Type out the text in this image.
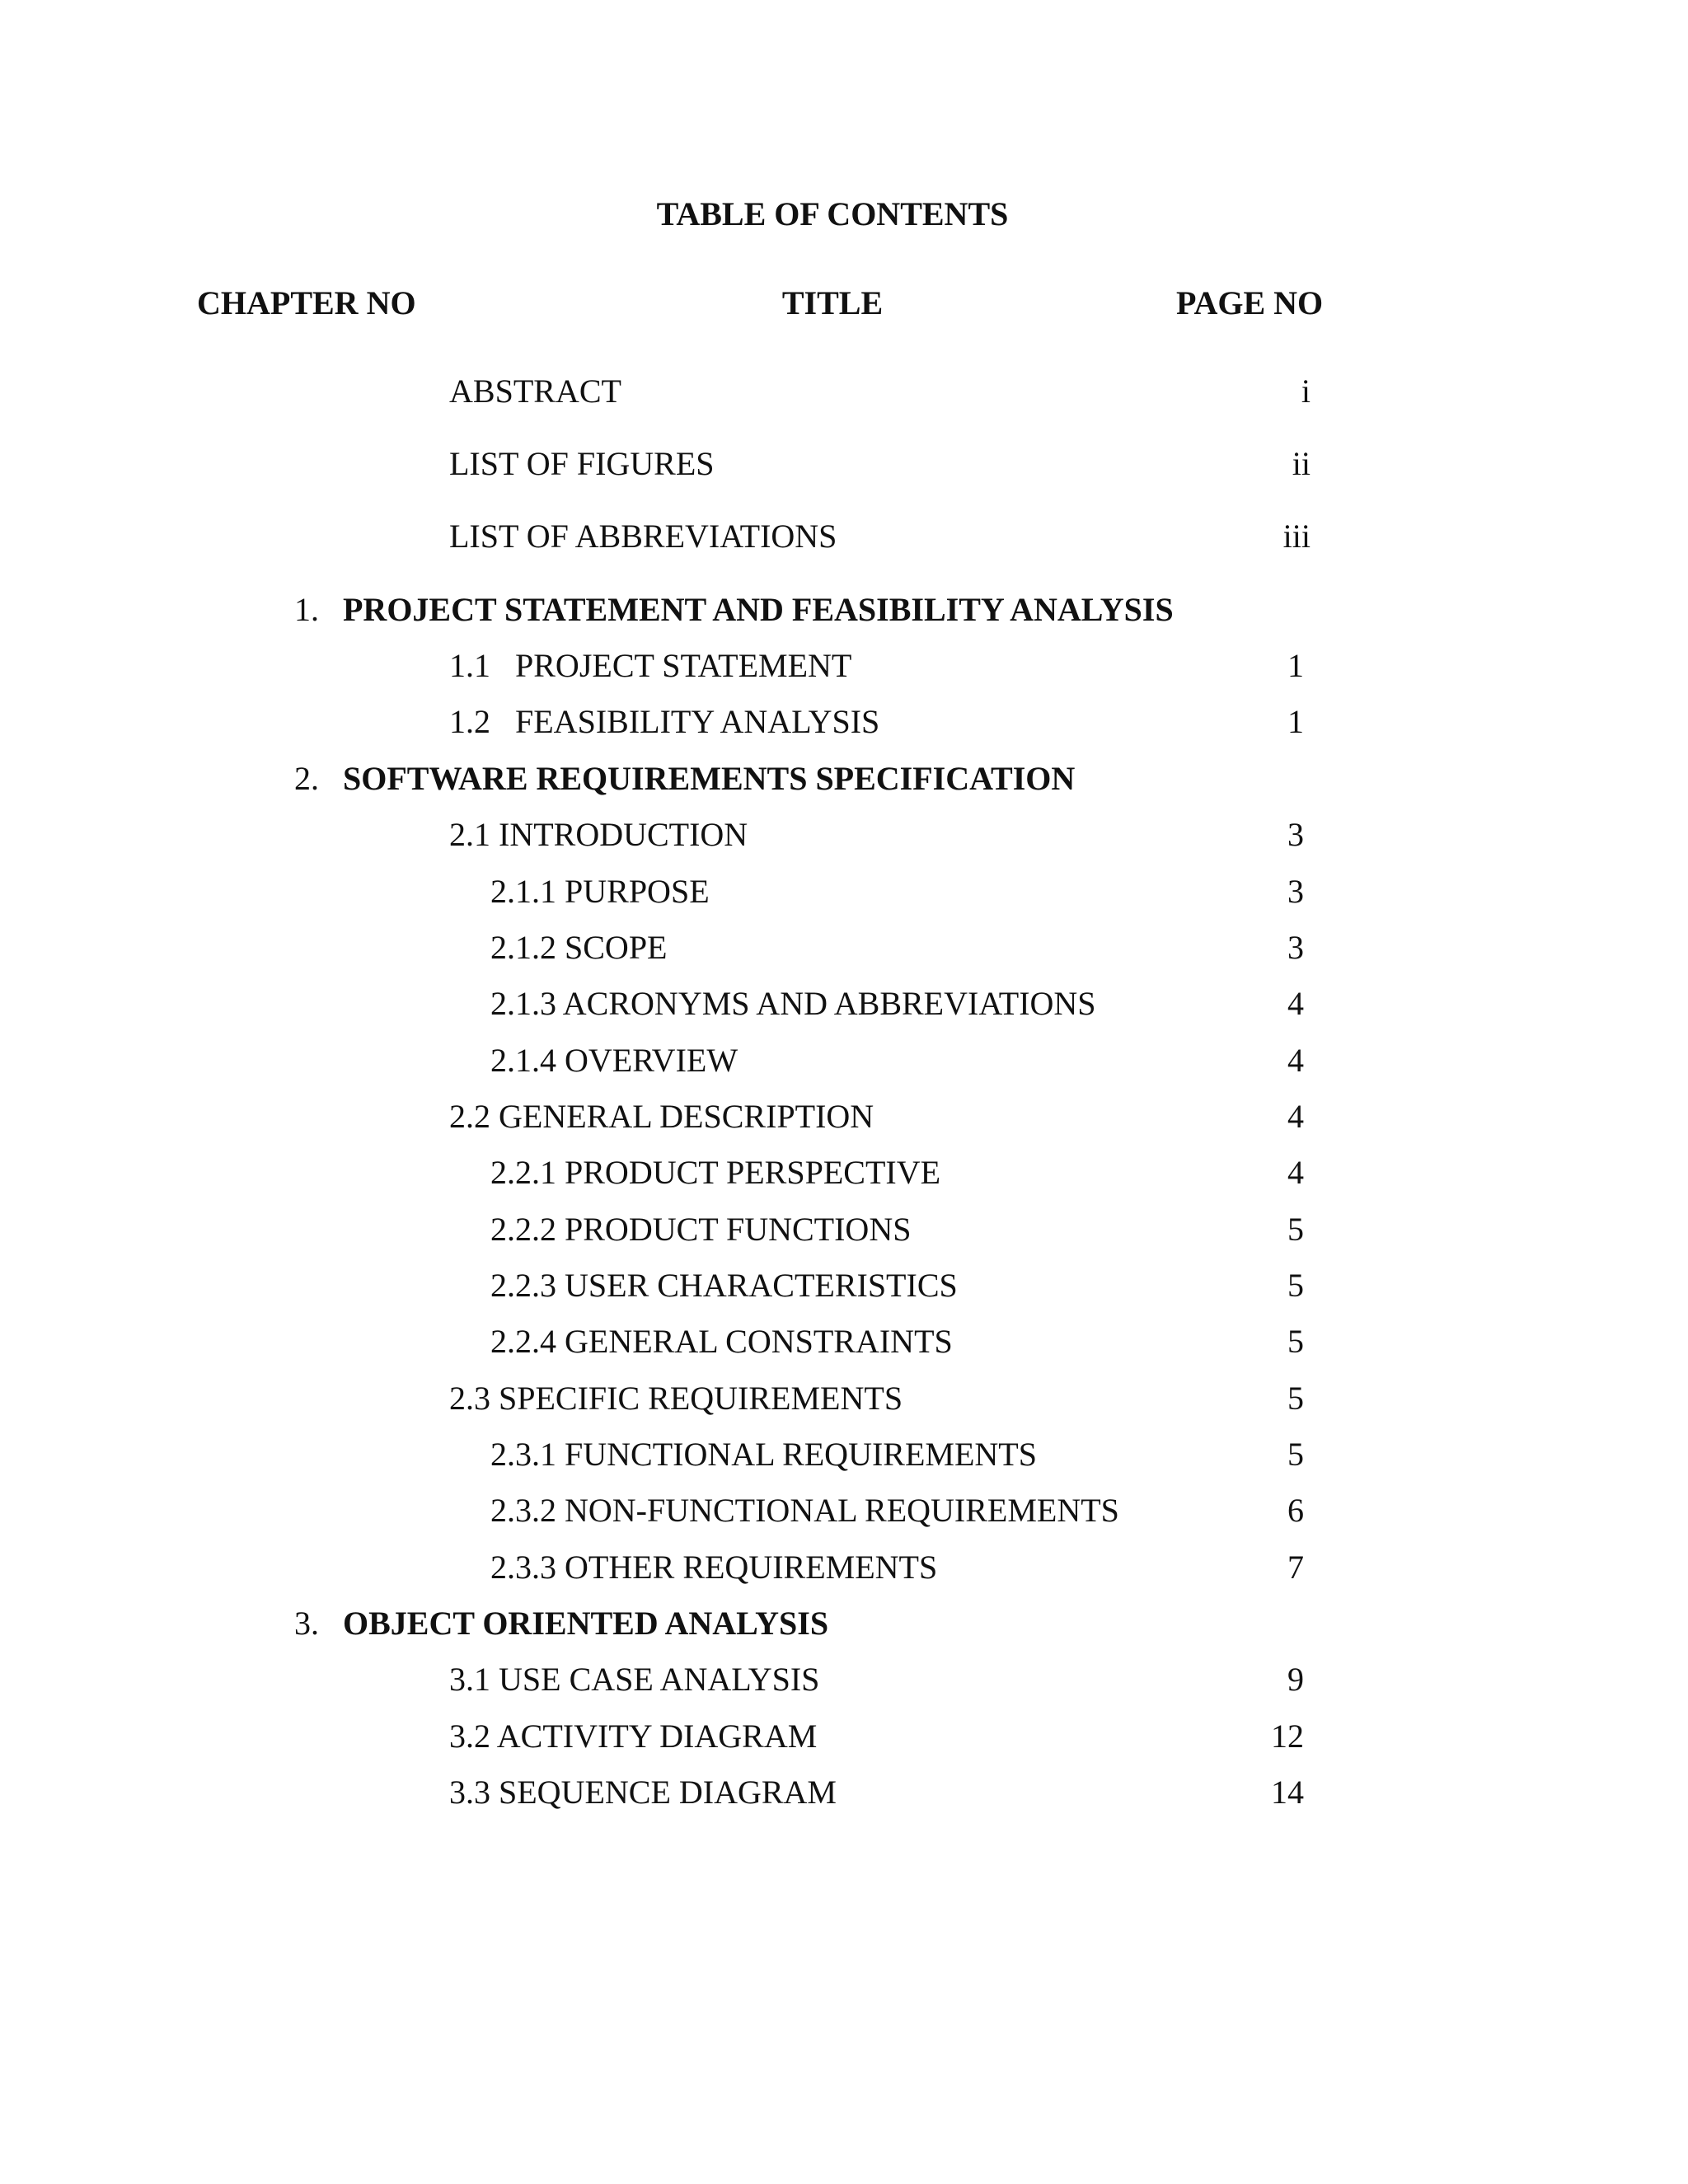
TABLE OF CONTENTS
CHAPTER NO	TITLE	PAGE NO
ABSTRACT	i
LIST OF FIGURES	ii
LIST OF ABBREVIATIONS	iii
1. PROJECT STATEMENT AND FEASIBILITY ANALYSIS
1.1   PROJECT STATEMENT	1
1.2   FEASIBILITY ANALYSIS	1
2. SOFTWARE REQUIREMENTS SPECIFICATION
2.1 INTRODUCTION	3
2.1.1 PURPOSE	3
2.1.2 SCOPE	3
2.1.3 ACRONYMS AND ABBREVIATIONS	4
2.1.4 OVERVIEW	4
2.2 GENERAL DESCRIPTION	4
2.2.1 PRODUCT PERSPECTIVE	4
2.2.2 PRODUCT FUNCTIONS	5
2.2.3 USER CHARACTERISTICS	5
2.2.4 GENERAL CONSTRAINTS	5
2.3 SPECIFIC REQUIREMENTS	5
2.3.1 FUNCTIONAL REQUIREMENTS	5
2.3.2 NON-FUNCTIONAL REQUIREMENTS	6
2.3.3 OTHER REQUIREMENTS	7
3. OBJECT ORIENTED ANALYSIS
3.1 USE CASE ANALYSIS	9
3.2 ACTIVITY DIAGRAM	12
3.3 SEQUENCE DIAGRAM	14
